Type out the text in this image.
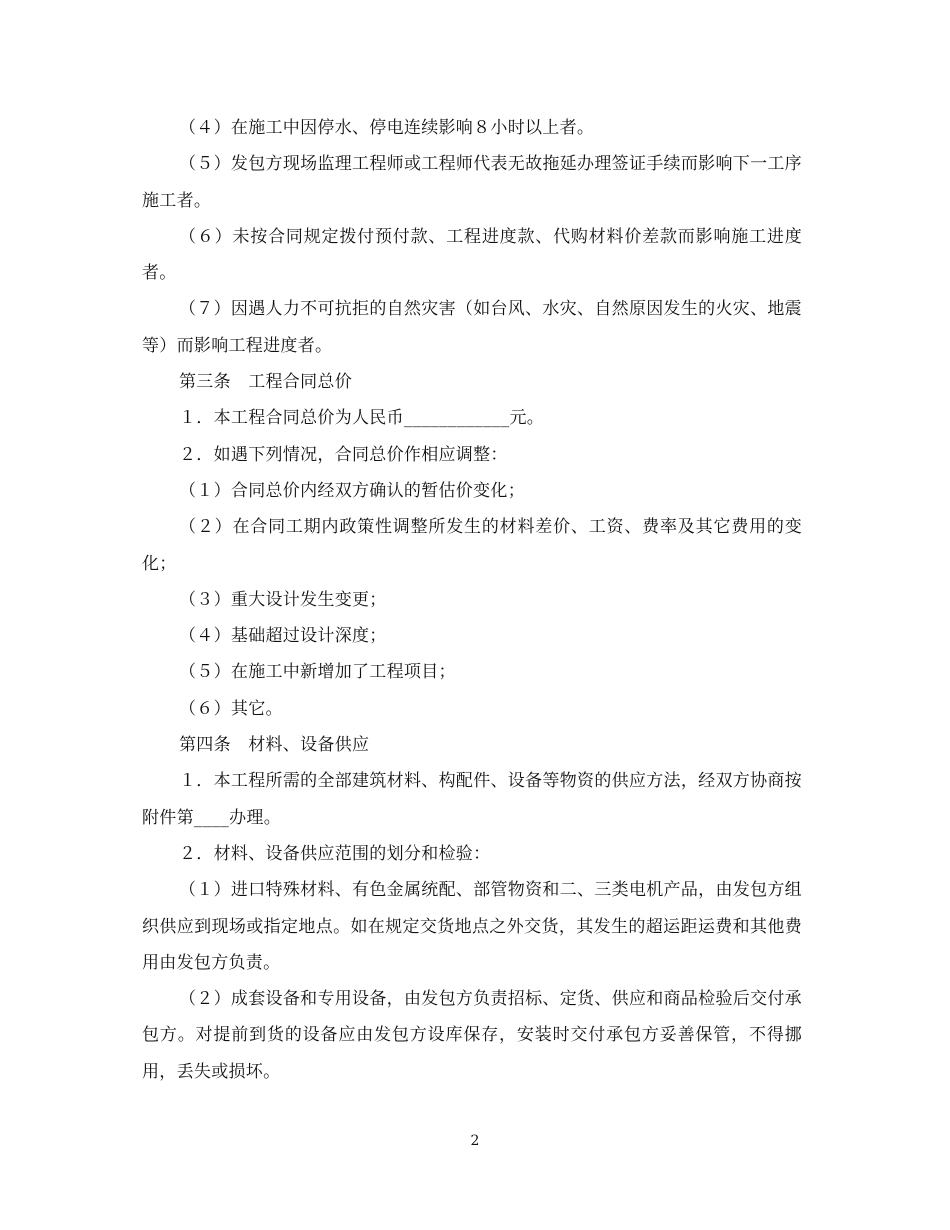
（４）在施工中因停水、停电连续影响８小时以上者。

（５）发包方现场监理工程师或工程师代表无故拖延办理签证手续而影响下一工序施工者。

（６）未按合同规定拨付预付款、工程进度款、代购材料价差款而影响施工进度者。

（７）因遇人力不可抗拒的自然灾害（如台风、水灾、自然原因发生的火灾、地震等）而影响工程进度者。

第三条　工程合同总价

１．本工程合同总价为人民币____________元。

２．如遇下列情况，合同总价作相应调整：

（１）合同总价内经双方确认的暂估价变化；

（２）在合同工期内政策性调整所发生的材料差价、工资、费率及其它费用的变化；

（３）重大设计发生变更；

（４）基础超过设计深度；

（５）在施工中新增加了工程项目；

（６）其它。

第四条　材料、设备供应

１．本工程所需的全部建筑材料、构配件、设备等物资的供应方法，经双方协商按附件第____办理。

２．材料、设备供应范围的划分和检验：

（１）进口特殊材料、有色金属统配、部管物资和二、三类电机产品，由发包方组织供应到现场或指定地点。如在规定交货地点之外交货，其发生的超运距运费和其他费用由发包方负责。

（２）成套设备和专用设备，由发包方负责招标、定货、供应和商品检验后交付承包方。对提前到货的设备应由发包方设库保存，安装时交付承包方妥善保管，不得挪用，丢失或损坏。

2
